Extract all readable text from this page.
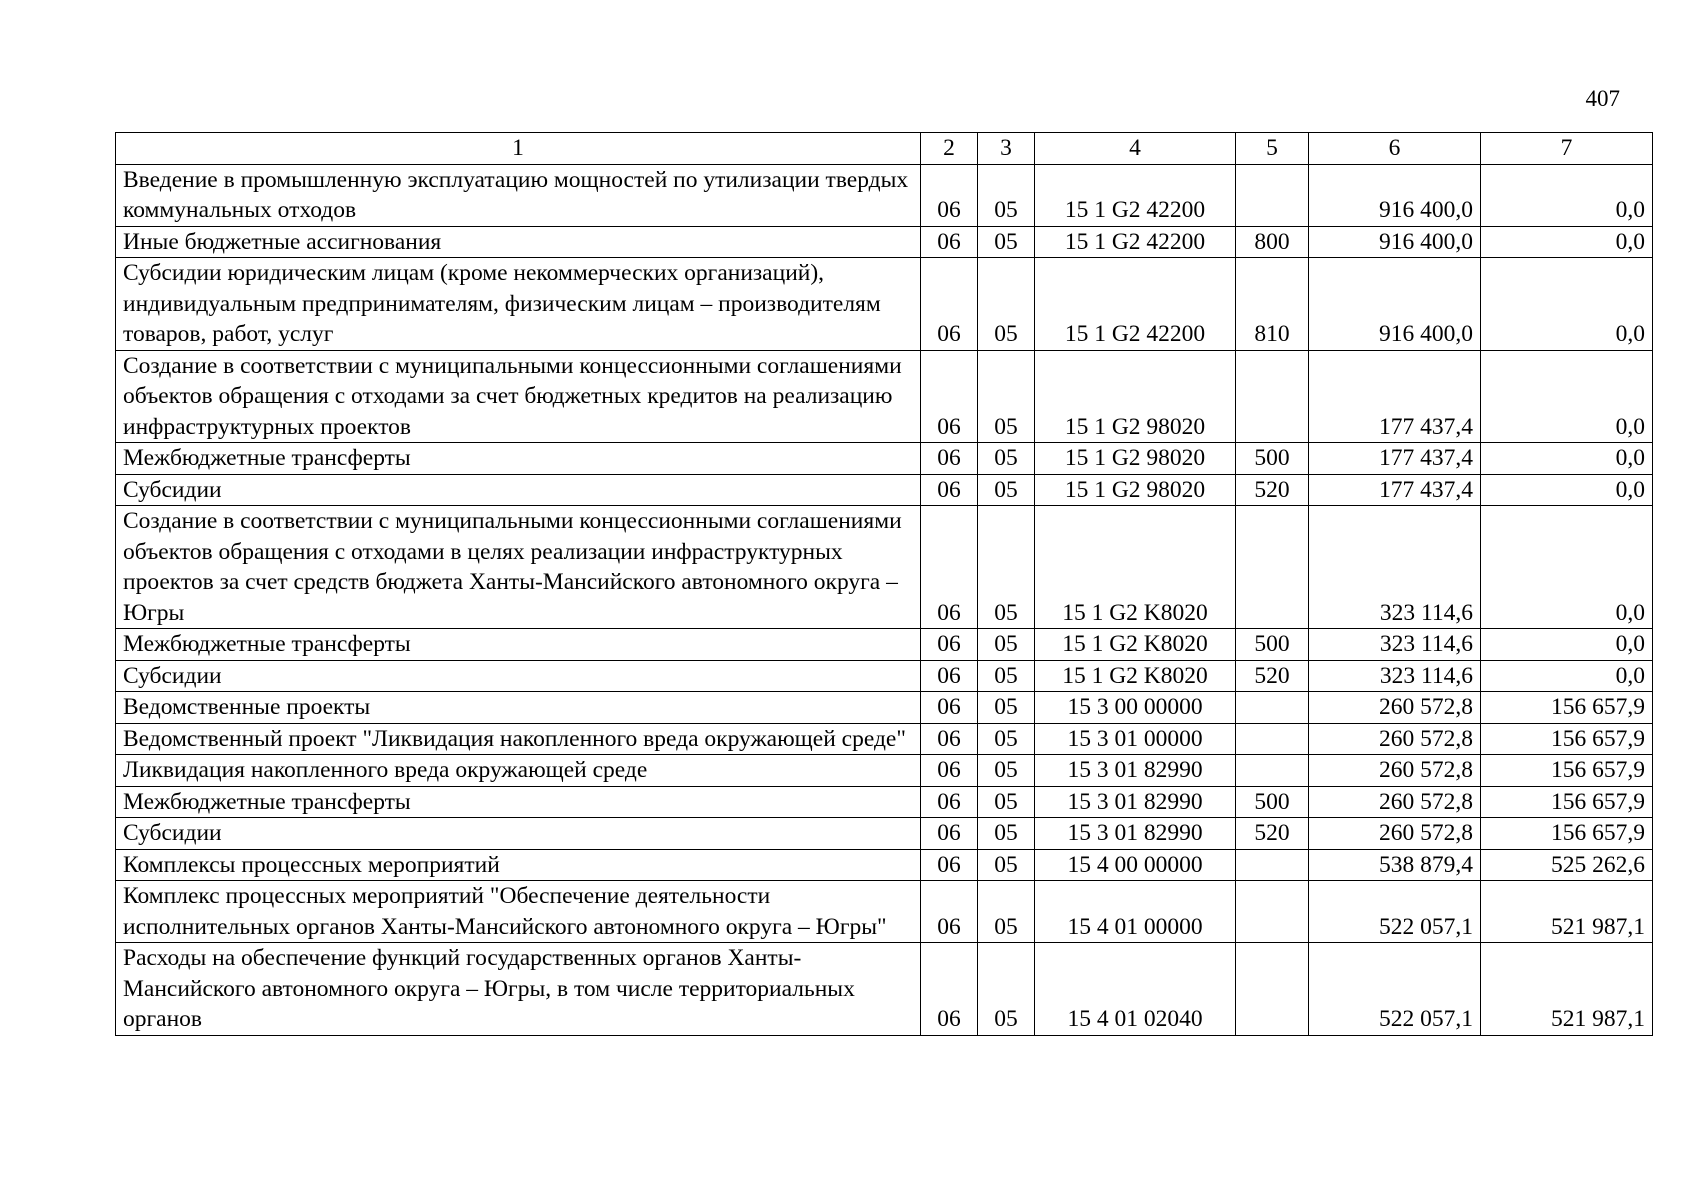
407
1	2	3	4	5	6	7
Введение в промышленную эксплуатацию мощностей по утилизации твердых коммунальных отходов	06	05	15 1 G2 42200		916 400,0	0,0
Иные бюджетные ассигнования	06	05	15 1 G2 42200	800	916 400,0	0,0
Субсидии юридическим лицам (кроме некоммерческих организаций), индивидуальным предпринимателям, физическим лицам – производителям товаров, работ, услуг	06	05	15 1 G2 42200	810	916 400,0	0,0
Создание в соответствии с муниципальными концессионными соглашениями объектов обращения с отходами за счет бюджетных кредитов на реализацию инфраструктурных проектов	06	05	15 1 G2 98020		177 437,4	0,0
Межбюджетные трансферты	06	05	15 1 G2 98020	500	177 437,4	0,0
Субсидии	06	05	15 1 G2 98020	520	177 437,4	0,0
Создание в соответствии с муниципальными концессионными соглашениями объектов обращения с отходами в целях реализации инфраструктурных проектов за счет средств бюджета Ханты-Мансийского автономного округа – Югры	06	05	15 1 G2 K8020		323 114,6	0,0
Межбюджетные трансферты	06	05	15 1 G2 K8020	500	323 114,6	0,0
Субсидии	06	05	15 1 G2 K8020	520	323 114,6	0,0
Ведомственные проекты	06	05	15 3 00 00000		260 572,8	156 657,9
Ведомственный проект "Ликвидация накопленного вреда окружающей среде"	06	05	15 3 01 00000		260 572,8	156 657,9
Ликвидация накопленного вреда окружающей среде	06	05	15 3 01 82990		260 572,8	156 657,9
Межбюджетные трансферты	06	05	15 3 01 82990	500	260 572,8	156 657,9
Субсидии	06	05	15 3 01 82990	520	260 572,8	156 657,9
Комплексы процессных мероприятий	06	05	15 4 00 00000		538 879,4	525 262,6
Комплекс процессных мероприятий "Обеспечение деятельности исполнительных органов Ханты-Мансийского автономного округа – Югры"	06	05	15 4 01 00000		522 057,1	521 987,1
Расходы на обеспечение функций государственных органов Ханты-Мансийского автономного округа – Югры, в том числе территориальных органов	06	05	15 4 01 02040		522 057,1	521 987,1
